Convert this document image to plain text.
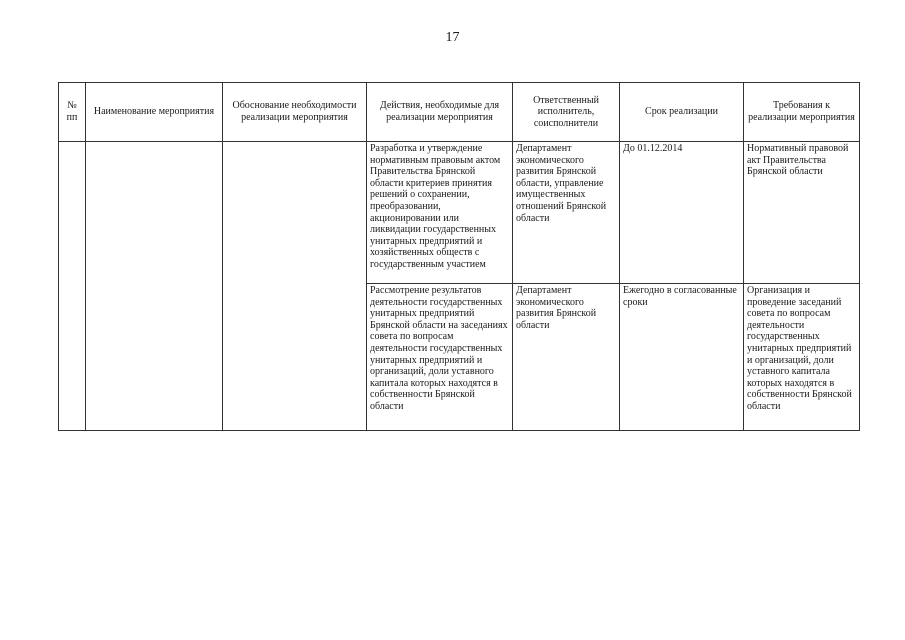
17
№ пп	Наименование мероприятия	Обоснование необходимости реализации мероприятия	Действия, необходимые для реализации мероприятия	Ответственный исполнитель, соисполнители	Срок реализации	Требования к реализации мероприятия
			Разработка и утверждение нормативным правовым актом Правительства Брянской области критериев принятия решений о сохранении, преобразовании, акционировании или ликвидации государственных унитарных предприятий и хозяйственных обществ с государственным участием	Департамент экономического развития Брянской области, управление имущественных отношений Брянской области	До 01.12.2014	Нормативный правовой акт Правительства Брянской области
			Рассмотрение результатов деятельности государственных унитарных предприятий Брянской области на заседаниях совета по вопросам деятельности государственных унитарных предприятий и организаций, доли уставного капитала которых находятся в собственности Брянской области	Департамент экономического развития Брянской области	Ежегодно в согласованные сроки	Организация и проведение заседаний совета по вопросам деятельности государственных унитарных предприятий и организаций, доли уставного капитала которых находятся в собственности Брянской области
